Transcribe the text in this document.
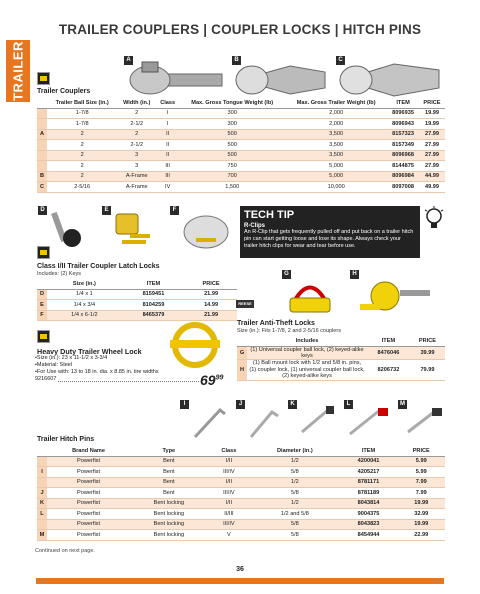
TRAILER COUPLERS | COUPLER LOCKS | HITCH PINS
TRAILER	A	B	C
Trailer Couplers
	Trailer Ball Size (in.)	Width (in.)	Class	Max. Gross Tongue Weight (lb)	Max. Gross Trailer Weight (lb)	ITEM	PRICE
	1-7/8	2	I	300	2,000	8096935	19.99
	1-7/8	2-1/2	I	300	2,000	8096943	19.99
A	2	2	II	500	3,500	8157323	27.99
	2	2-1/2	II	500	3,500	8157349	27.99
	2	3	II	500	3,500	8096968	27.99
	2	3	III	750	5,000	8144875	27.99
B	2	A-Frame	III	700	5,000	8096984	44.99
C	2-5/16	A-Frame	IV	1,500	10,000	8097008	49.99
D	E	F
Class I/II Trailer Coupler Latch Locks
Includes: (2) Keys
	Size (in.)	ITEM	PRICE
D	1/4 x 1	8159451	21.99
E	1/4 x 3/4	8104259	14.99
F	1/4 x 6-1/2	8465379	21.99
TECH TIP
R-Clips
An R-Clip that gets frequently pulled off and put back on a trailer hitch pin can start getting loose and lose its shape. Always check your trailer hitch clips for wear and tear before use.
G	H
REESE
Trailer Anti-Theft Locks
Size (in.): Fits 1-7/8, 2 and 2-5/16 couplers
	Includes	ITEM	PRICE
G	(1) Universal coupler ball lock, (2) keyed-alike keys	8476046	39.99
H	(1) Ball mount lock with 1/2 and 5/8 in. pins, (1) coupler lock, (1) universal coupler ball lock, (2) keyed-alike keys	8206732	79.99
Heavy Duty Trailer Wheel Lock
•Size (in.): 23 x 11-1/2 x 3-3/4
•Material: Steel
•For Use with: 13 to 18 in. dia. x 8.85 in. tire widths
9216607	$69^{99}$
I	J	K	L	M
Trailer Hitch Pins
	Brand Name	Type	Class	Diameter (in.)	ITEM	PRICE
	Powerfist	Bent	I/II	1/2	4200041	5.99
I	Powerfist	Bent	III/IV	5/8	4205217	5.99
	Powerfist	Bent	I/II	1/2	8781171	7.99
J	Powerfist	Bent	III/IV	5/8	8781189	7.99
K	Powerfist	Bent locking	I/II	1/2	8043814	19.99
L	Powerfist	Bent locking	II/III	1/2 and 5/8	9004375	32.99
	Powerfist	Bent locking	III/IV	5/8	8043823	19.99
M	Powerfist	Bent locking	V	5/8	8454944	22.99
Continued on next page.
36
